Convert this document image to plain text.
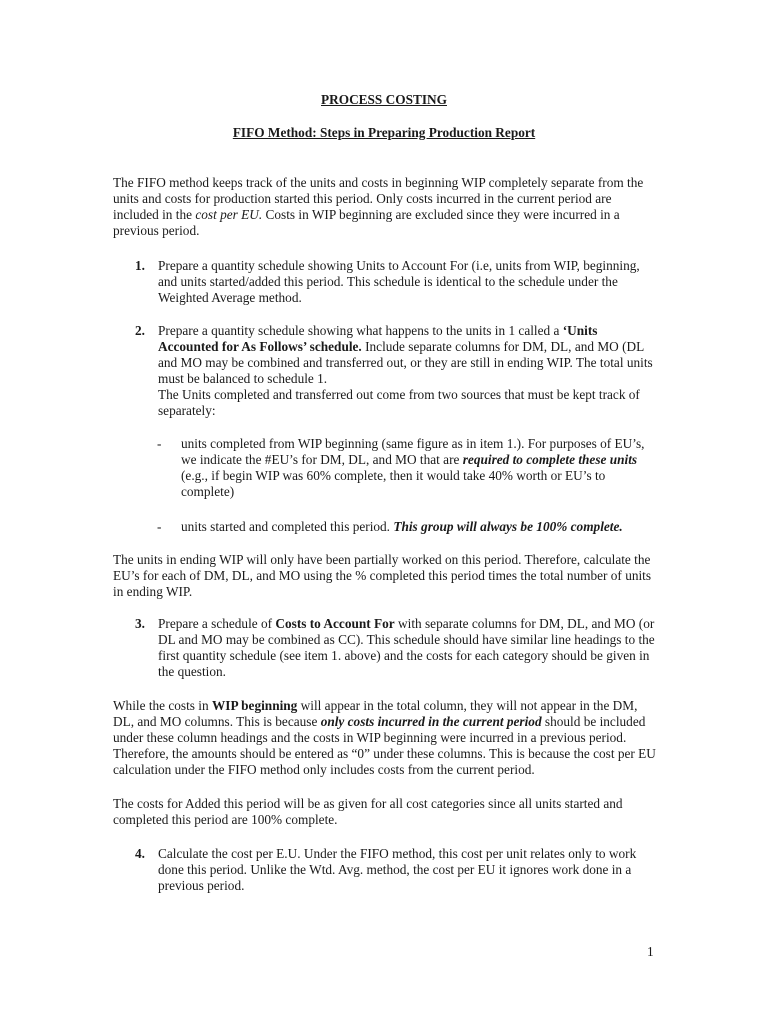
PROCESS COSTING

FIFO Method: Steps in Preparing Production Report

The FIFO method keeps track of the units and costs in beginning WIP completely separate from the units and costs for production started this period. Only costs incurred in the current period are included in the cost per EU. Costs in WIP beginning are excluded since they were incurred in a previous period.

1. Prepare a quantity schedule showing Units to Account For (i.e, units from WIP, beginning, and units started/added this period. This schedule is identical to the schedule under the Weighted Average method.
2. Prepare a quantity schedule showing what happens to the units in 1 called a ‘Units Accounted for As Follows’ schedule. Include separate columns for DM, DL, and MO (DL and MO may be combined and transferred out, or they are still in ending WIP. The total units must be balanced to schedule 1.
The Units completed and transferred out come from two sources that must be kept track of separately:
- units completed from WIP beginning (same figure as in item 1.). For purposes of EU’s, we indicate the #EU’s for DM, DL, and MO that are required to complete these units (e.g., if begin WIP was 60% complete, then it would take 40% worth or EU’s to complete)
- units started and completed this period. This group will always be 100% complete.

The units in ending WIP will only have been partially worked on this period. Therefore, calculate the EU’s for each of DM, DL, and MO using the % completed this period times the total number of units in ending WIP.

3. Prepare a schedule of Costs to Account For with separate columns for DM, DL, and MO (or DL and MO may be combined as CC). This schedule should have similar line headings to the first quantity schedule (see item 1. above) and the costs for each category should be given in the question.

While the costs in WIP beginning will appear in the total column, they will not appear in the DM, DL, and MO columns. This is because only costs incurred in the current period should be included under these column headings and the costs in WIP beginning were incurred in a previous period. Therefore, the amounts should be entered as “0” under these columns. This is because the cost per EU calculation under the FIFO method only includes costs from the current period.

The costs for Added this period will be as given for all cost categories since all units started and completed this period are 100% complete.

4. Calculate the cost per E.U. Under the FIFO method, this cost per unit relates only to work done this period. Unlike the Wtd. Avg. method, the cost per EU it ignores work done in a previous period.
1
